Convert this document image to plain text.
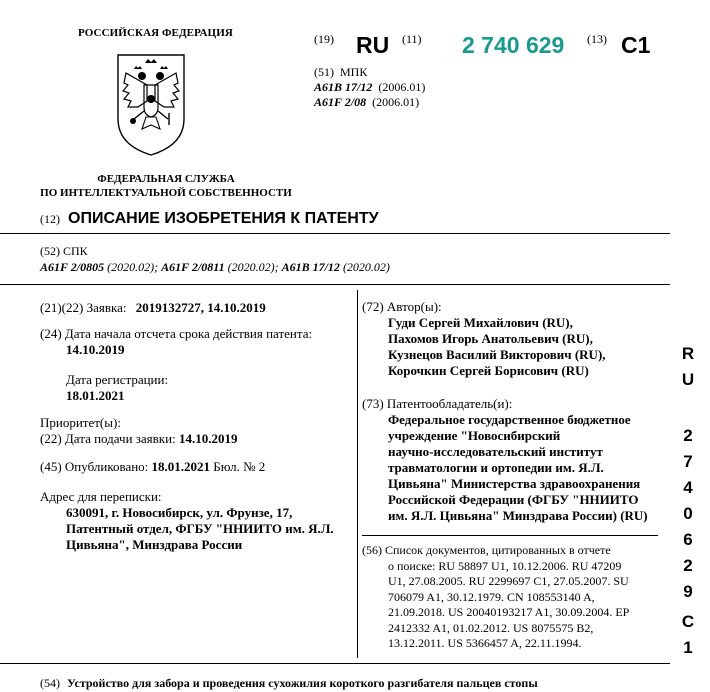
РОССИЙСКАЯ ФЕДЕРАЦИЯ
ФЕДЕРАЛЬНАЯ СЛУЖБА
ПО ИНТЕЛЛЕКТУАЛЬНОЙ СОБСТВЕННОСТИ
(19) RU (11) 2 740 629 (13) C1
(51) МПК
A61B 17/12 (2006.01)
A61F 2/08 (2006.01)
(12) ОПИСАНИЕ ИЗОБРЕТЕНИЯ К ПАТЕНТУ
(52) СПК
A61F 2/0805 (2020.02); A61F 2/0811 (2020.02); A61B 17/12 (2020.02)
(21)(22) Заявка: 2019132727, 14.10.2019
(24) Дата начала отсчета срока действия патента:
14.10.2019
Дата регистрации:
18.01.2021
Приоритет(ы):
(22) Дата подачи заявки: 14.10.2019
(45) Опубликовано: 18.01.2021 Бюл. № 2
Адрес для переписки:
630091, г. Новосибирск, ул. Фрунзе, 17,
Патентный отдел, ФГБУ "ННИИТО им. Я.Л.
Цивьяна", Минздрава России
(72) Автор(ы):
Гуди Сергей Михайлович (RU),
Пахомов Игорь Анатольевич (RU),
Кузнецов Василий Викторович (RU),
Корочкин Сергей Борисович (RU)
(73) Патентообладатель(и):
Федеральное государственное бюджетное
учреждение "Новосибирский
научно-исследовательский институт
травматологии и ортопедии им. Я.Л.
Цивьяна" Министерства здравоохранения
Российской Федерации (ФГБУ "ННИИТО
им. Я.Л. Цивьяна" Минздрава России) (RU)
(56) Список документов, цитированных в отчете
о поиске: RU 58897 U1, 10.12.2006. RU 47209
U1, 27.08.2005. RU 2299697 C1, 27.05.2007. SU
706079 A1, 30.12.1979. CN 108553140 A,
21.09.2018. US 20040193217 A1, 30.09.2004. EP
2412332 A1, 01.02.2012. US 8075575 B2,
13.12.2011. US 5366457 A, 22.11.1994.
R
U
2
7
4
0
6
2
9
C
1
(54) Устройство для забора и проведения сухожилия короткого разгибателя пальцев стопы
